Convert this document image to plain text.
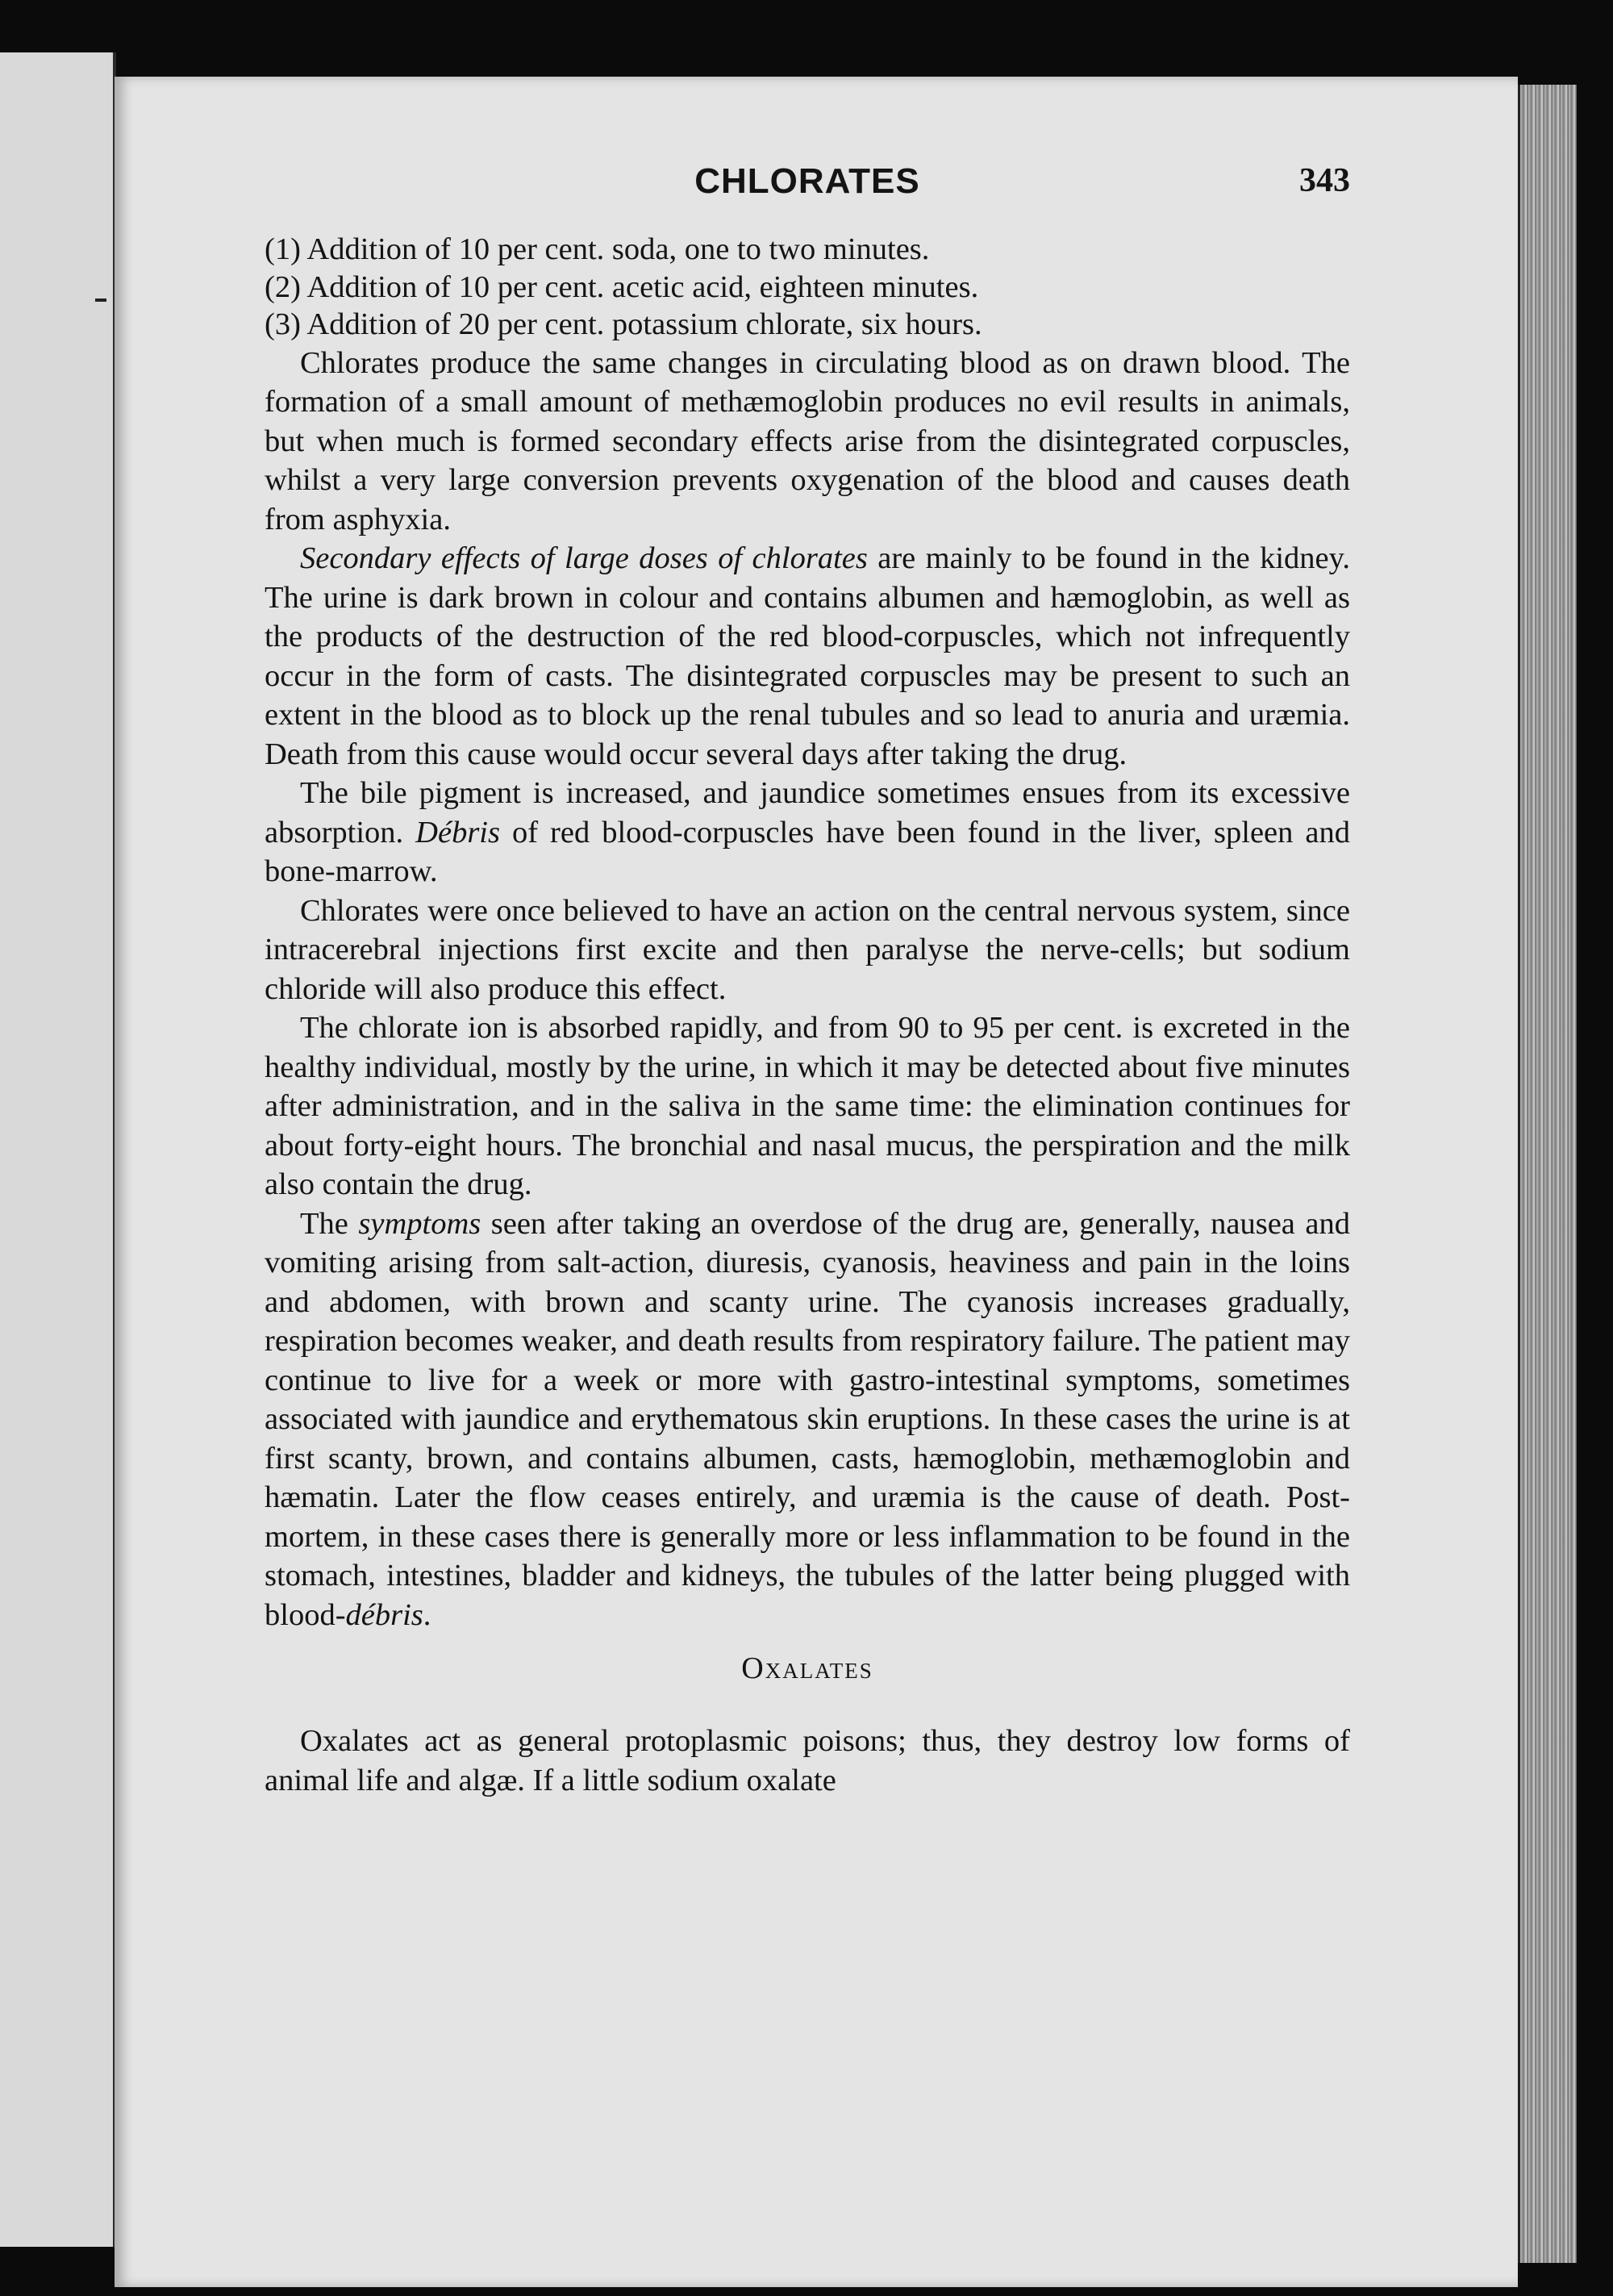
CHLORATES	343

(1) Addition of 10 per cent. soda, one to two minutes.

(2) Addition of 10 per cent. acetic acid, eighteen minutes.

(3) Addition of 20 per cent. potassium chlorate, six hours.

Chlorates produce the same changes in circulating blood as on drawn blood. The formation of a small amount of methæmoglobin produces no evil results in animals, but when much is formed secondary effects arise from the disintegrated corpuscles, whilst a very large conversion prevents oxygenation of the blood and causes death from asphyxia.

Secondary effects of large doses of chlorates are mainly to be found in the kidney. The urine is dark brown in colour and contains albumen and hæmoglobin, as well as the products of the destruction of the red blood-corpuscles, which not infrequently occur in the form of casts. The disintegrated corpuscles may be present to such an extent in the blood as to block up the renal tubules and so lead to anuria and uræmia. Death from this cause would occur several days after taking the drug.

The bile pigment is increased, and jaundice sometimes ensues from its excessive absorption. Débris of red blood-corpuscles have been found in the liver, spleen and bone-marrow.

Chlorates were once believed to have an action on the central nervous system, since intracerebral injections first excite and then paralyse the nerve-cells; but sodium chloride will also produce this effect.

The chlorate ion is absorbed rapidly, and from 90 to 95 per cent. is excreted in the healthy individual, mostly by the urine, in which it may be detected about five minutes after administration, and in the saliva in the same time: the elimination continues for about forty-eight hours. The bronchial and nasal mucus, the perspiration and the milk also contain the drug.

The symptoms seen after taking an overdose of the drug are, generally, nausea and vomiting arising from salt-action, diuresis, cyanosis, heaviness and pain in the loins and abdomen, with brown and scanty urine. The cyanosis increases gradually, respiration becomes weaker, and death results from respiratory failure. The patient may continue to live for a week or more with gastro-intestinal symptoms, sometimes associated with jaundice and erythematous skin eruptions. In these cases the urine is at first scanty, brown, and contains albumen, casts, hæmoglobin, methæmoglobin and hæmatin. Later the flow ceases entirely, and uræmia is the cause of death. Post-mortem, in these cases there is generally more or less inflammation to be found in the stomach, intestines, bladder and kidneys, the tubules of the latter being plugged with blood-débris.

Oxalates

Oxalates act as general protoplasmic poisons; thus, they destroy low forms of animal life and algæ. If a little sodium oxalate
